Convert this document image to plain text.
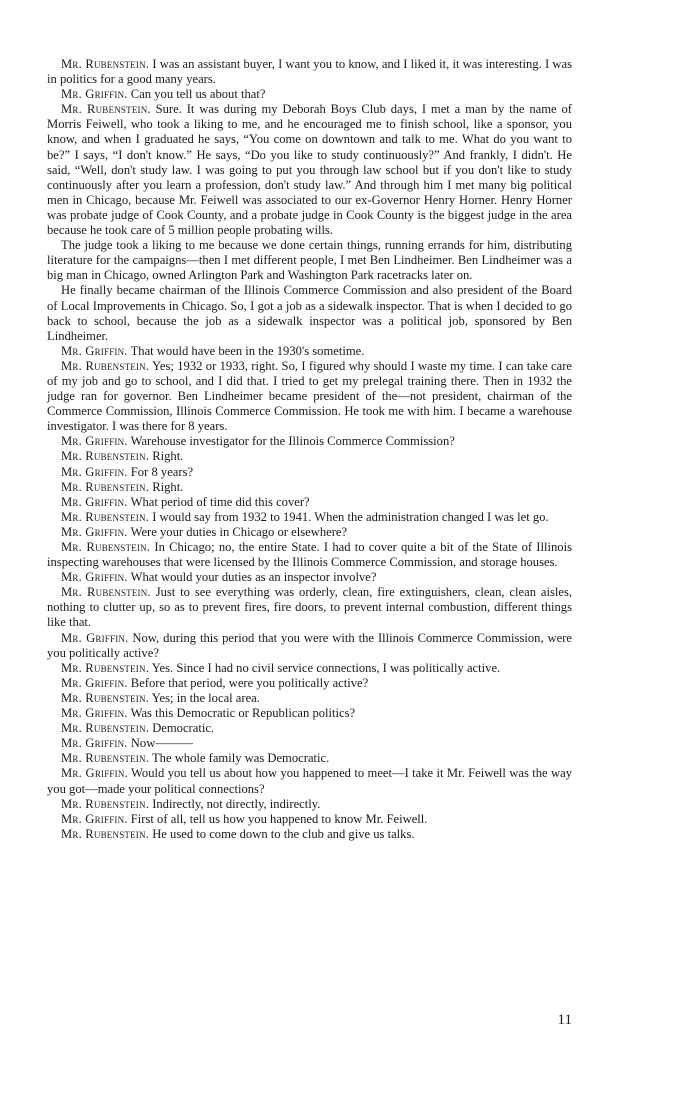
Mr. Rubenstein. I was an assistant buyer, I want you to know, and I liked it, it was interesting. I was in politics for a good many years.

Mr. Griffin. Can you tell us about that?

Mr. Rubenstein. Sure. It was during my Deborah Boys Club days, I met a man by the name of Morris Feiwell, who took a liking to me, and he encouraged me to finish school, like a sponsor, you know, and when I graduated he says, “You come on downtown and talk to me. What do you want to be?” I says, “I don't know.” He says, “Do you like to study continuously?” And frankly, I didn't. He said, “Well, don't study law. I was going to put you through law school but if you don't like to study continuously after you learn a profession, don't study law.” And through him I met many big political men in Chicago, because Mr. Feiwell was associated to our ex-Governor Henry Horner. Henry Horner was probate judge of Cook County, and a probate judge in Cook County is the biggest judge in the area because he took care of 5 million people probating wills.

The judge took a liking to me because we done certain things, running errands for him, distributing literature for the campaigns—then I met different people, I met Ben Lindheimer. Ben Lindheimer was a big man in Chicago, owned Arlington Park and Washington Park racetracks later on.

He finally became chairman of the Illinois Commerce Commission and also president of the Board of Local Improvements in Chicago. So, I got a job as a sidewalk inspector. That is when I decided to go back to school, because the job as a sidewalk inspector was a political job, sponsored by Ben Lindheimer.

Mr. Griffin. That would have been in the 1930's sometime.

Mr. Rubenstein. Yes; 1932 or 1933, right. So, I figured why should I waste my time. I can take care of my job and go to school, and I did that. I tried to get my prelegal training there. Then in 1932 the judge ran for governor. Ben Lindheimer became president of the—not president, chairman of the Commerce Commission, Illinois Commerce Commission. He took me with him. I became a warehouse investigator. I was there for 8 years.

Mr. Griffin. Warehouse investigator for the Illinois Commerce Commission?

Mr. Rubenstein. Right.

Mr. Griffin. For 8 years?

Mr. Rubenstein. Right.

Mr. Griffin. What period of time did this cover?

Mr. Rubenstein. I would say from 1932 to 1941. When the administration changed I was let go.

Mr. Griffin. Were your duties in Chicago or elsewhere?

Mr. Rubenstein. In Chicago; no, the entire State. I had to cover quite a bit of the State of Illinois inspecting warehouses that were licensed by the Illinois Commerce Commission, and storage houses.

Mr. Griffin. What would your duties as an inspector involve?

Mr. Rubenstein. Just to see everything was orderly, clean, fire extinguishers, clean, clean aisles, nothing to clutter up, so as to prevent fires, fire doors, to prevent internal combustion, different things like that.

Mr. Griffin. Now, during this period that you were with the Illinois Commerce Commission, were you politically active?

Mr. Rubenstein. Yes. Since I had no civil service connections, I was politically active.

Mr. Griffin. Before that period, were you politically active?

Mr. Rubenstein. Yes; in the local area.

Mr. Griffin. Was this Democratic or Republican politics?

Mr. Rubenstein. Democratic.

Mr. Griffin. Now———

Mr. Rubenstein. The whole family was Democratic.

Mr. Griffin. Would you tell us about how you happened to meet—I take it Mr. Feiwell was the way you got—made your political connections?

Mr. Rubenstein. Indirectly, not directly, indirectly.

Mr. Griffin. First of all, tell us how you happened to know Mr. Feiwell.

Mr. Rubenstein. He used to come down to the club and give us talks.

11
